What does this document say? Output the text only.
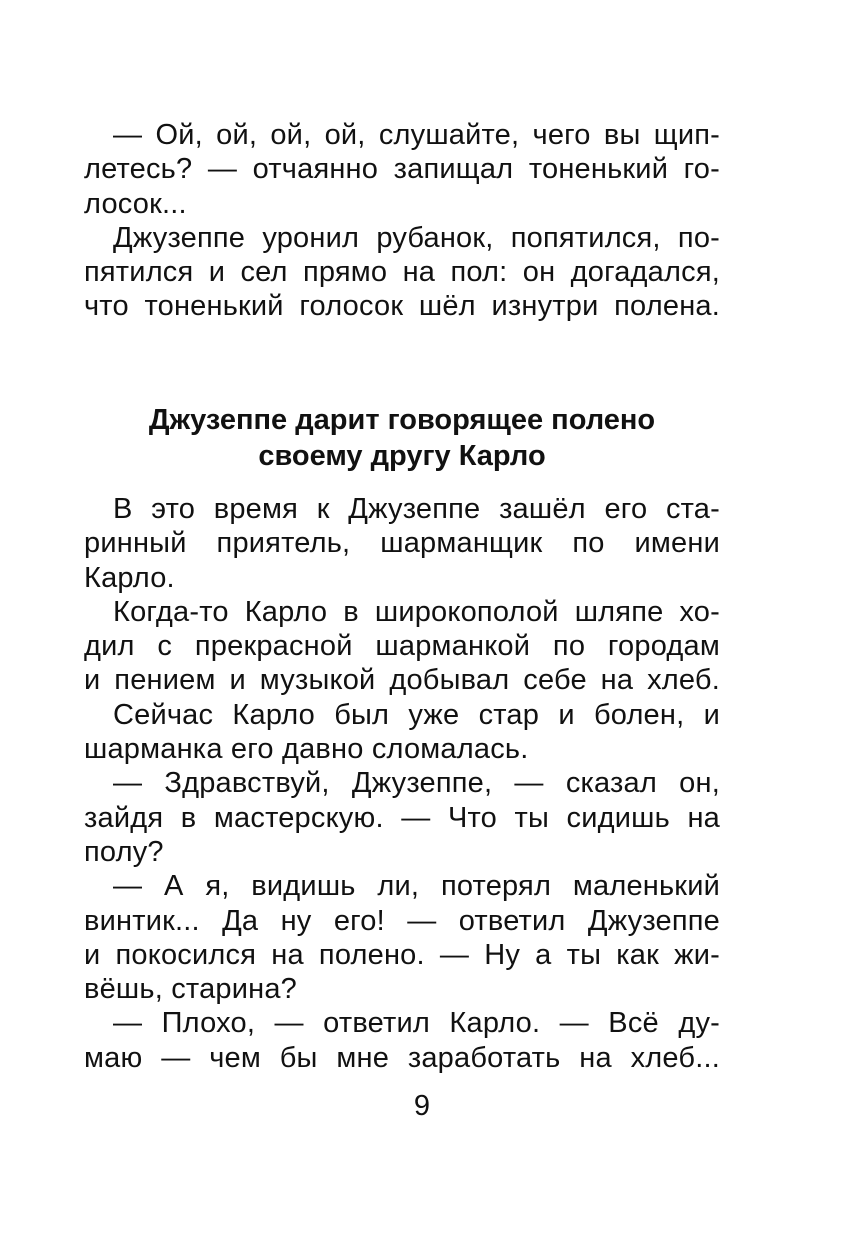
— Ой, ой, ой, ой, слушайте, чего вы щип-
летесь? — отчаянно запищал тоненький го-
лосок...
Джузеппе уронил рубанок, попятился, по-
пятился и сел прямо на пол: он догадался,
что тоненький голосок шёл изнутри полена.
Джузеппе дарит говорящее полено
своему другу Карло
В это время к Джузеппе зашёл его ста-
ринный приятель, шарманщик по имени
Карло.
Когда-то Карло в широкополой шляпе хо-
дил с прекрасной шарманкой по городам
и пением и музыкой добывал себе на хлеб.
Сейчас Карло был уже стар и болен, и
шарманка его давно сломалась.
— Здравствуй, Джузеппе, — сказал он,
зайдя в мастерскую. — Что ты сидишь на
полу?
— А я, видишь ли, потерял маленький
винтик... Да ну его! — ответил Джузеппе
и покосился на полено. — Ну а ты как жи-
вёшь, старина?
— Плохо, — ответил Карло. — Всё ду-
маю — чем бы мне заработать на хлеб...
9
